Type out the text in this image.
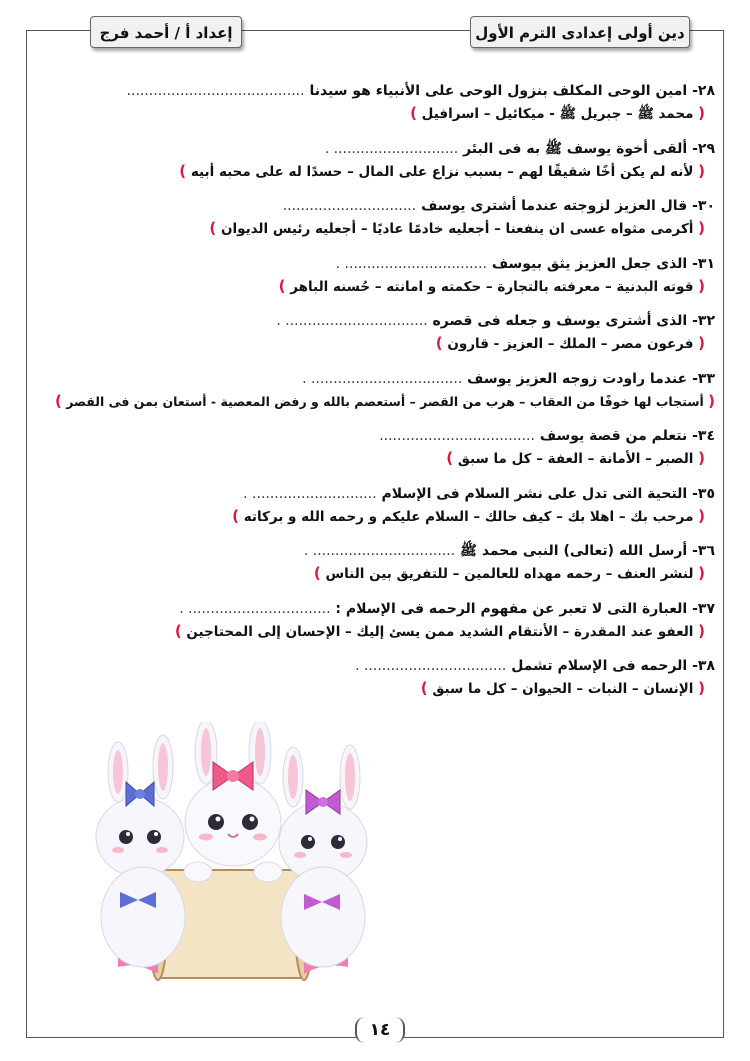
دين أولى إعدادى الترم الأول
إعداد أ / أحمد فرج
٢٨- امين الوحى المكلف بنزول الوحى على الأنبياء هو سيدنا ........................................
( محمد ﷺ – جبريل ﷺ - ميكائيل – اسرافيل )
٢٩- ألقى أخوة يوسف ﷺ به فى البئر ............................ .
( لأنه لم يكن أخًا شقيقًا لهم – بسبب نزاع على المال – حسدًا له على محبه أبيه )
٣٠- قال العزيز لزوجته عندما أشترى يوسف ..............................
( أكرمى مثواه عسى ان ينفعنا – أجعليه خادمًا عاديًا – أجعليه رئيس الديوان )
٣١- الذى جعل العزيز يثق بيوسف ................................ .
( قوته البدنية – معرفته بالتجارة – حكمته و امانته – حُسنه الباهر )
٣٢- الذى أشترى يوسف و جعله فى قصره ................................ .
( فرعون مصر – الملك – العزيز - قارون )
٣٣- عندما راودت زوجه العزيز يوسف .................................. .
( أستجاب لها خوفًا من العقاب – هرب من القصر – أستعصم بالله و رفض المعصية - أستعان بمن فى القصر )
٣٤- نتعلم من قصة يوسف ...................................
( الصبر – الأمانة – العفة – كل ما سبق )
٣٥- التحية التى تدل على نشر السلام فى الإسلام ............................ .
( مرحب بك – اهلا بك – كيف حالك – السلام عليكم و رحمه الله و بركاته )
٣٦- أرسل الله (تعالى) النبى محمد ﷺ ................................ .
( لنشر العنف – رحمه مهداه للعالمين – للتفريق بين الناس )
٣٧- العبارة التى لا تعبر عن مفهوم الرحمه فى الإسلام : ................................ .
( العفو عند المقدرة – الأنتقام الشديد ممن يسئ إليك – الإحسان إلى المحتاجين )
٣٨- الرحمه فى الإسلام تشمل ................................ .
( الإنسان – النبات – الحيوان – كل ما سبق )
١٤
